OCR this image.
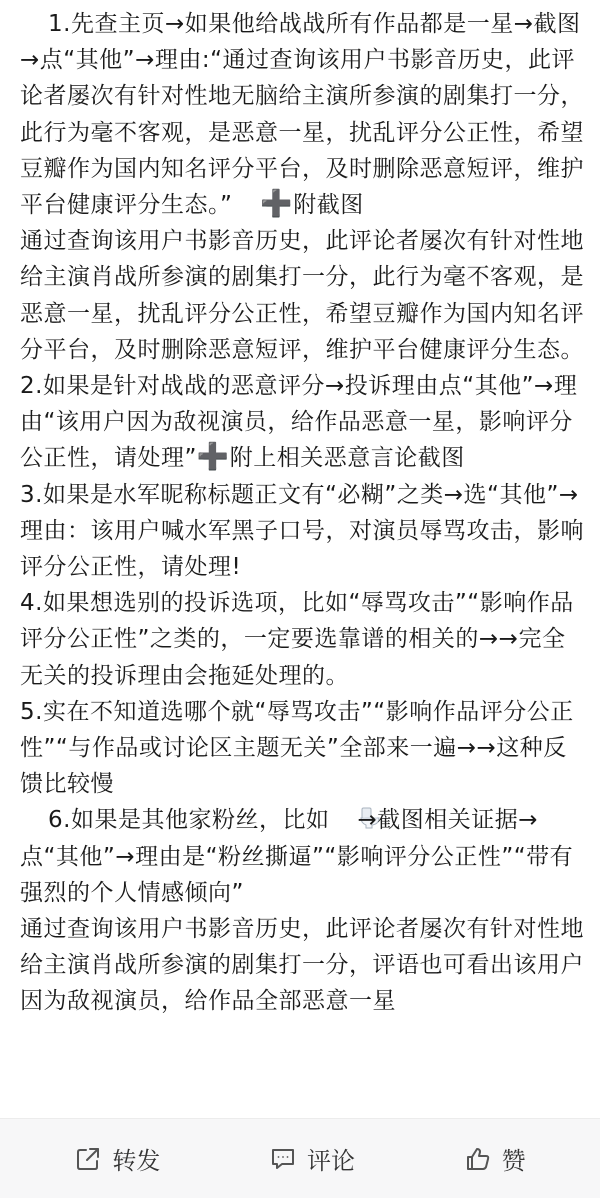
1.先查主页→如果他给战战所有作品都是一星→截图→点“其他”→理由:“通过查询该用户书影音历史，此评论者屡次有针对性地无脑给主演所参演的剧集打一分，此行为毫不客观，是恶意一星，扰乱评分公正性，希望豆瓣作为国内知名评分平台，及时删除恶意短评，维护平台健康评分生态。” ➕附截图

通过查询该用户书影音历史，此评论者屡次有针对性地给主演肖战所参演的剧集打一分，此行为毫不客观，是恶意一星，扰乱评分公正性，希望豆瓣作为国内知名评分平台，及时删除恶意短评，维护平台健康评分生态。

2.如果是针对战战的恶意评分→投诉理由点“其他”→理由“该用户因为敌视演员，给作品恶意一星，影响评分公正性，请处理”➕附上相关恶意言论截图

3.如果是水军昵称标题正文有“必糊”之类→选“其他”→理由：该用户喊水军黑子口号，对演员辱骂攻击，影响评分公正性，请处理!

4.如果想选别的投诉选项，比如“辱骂攻击”“影响作品评分公正性”之类的，一定要选靠谱的相关的→→完全无关的投诉理由会拖延处理的。

5.实在不知道选哪个就“辱骂攻击”“影响作品评分公正性”“与作品或讨论区主题无关”全部来一遍→→这种反馈比较慢

6.如果是其他家粉丝，比如 →截图相关证据→点“其他”→理由是“粉丝撕逼”“影响评分公正性”“带有强烈的个人情感倾向”

通过查询该用户书影音历史，此评论者屡次有针对性地给主演肖战所参演的剧集打一分，评语也可看出该用户因为敌视演员，给作品全部恶意一星

转发	评论	赞
